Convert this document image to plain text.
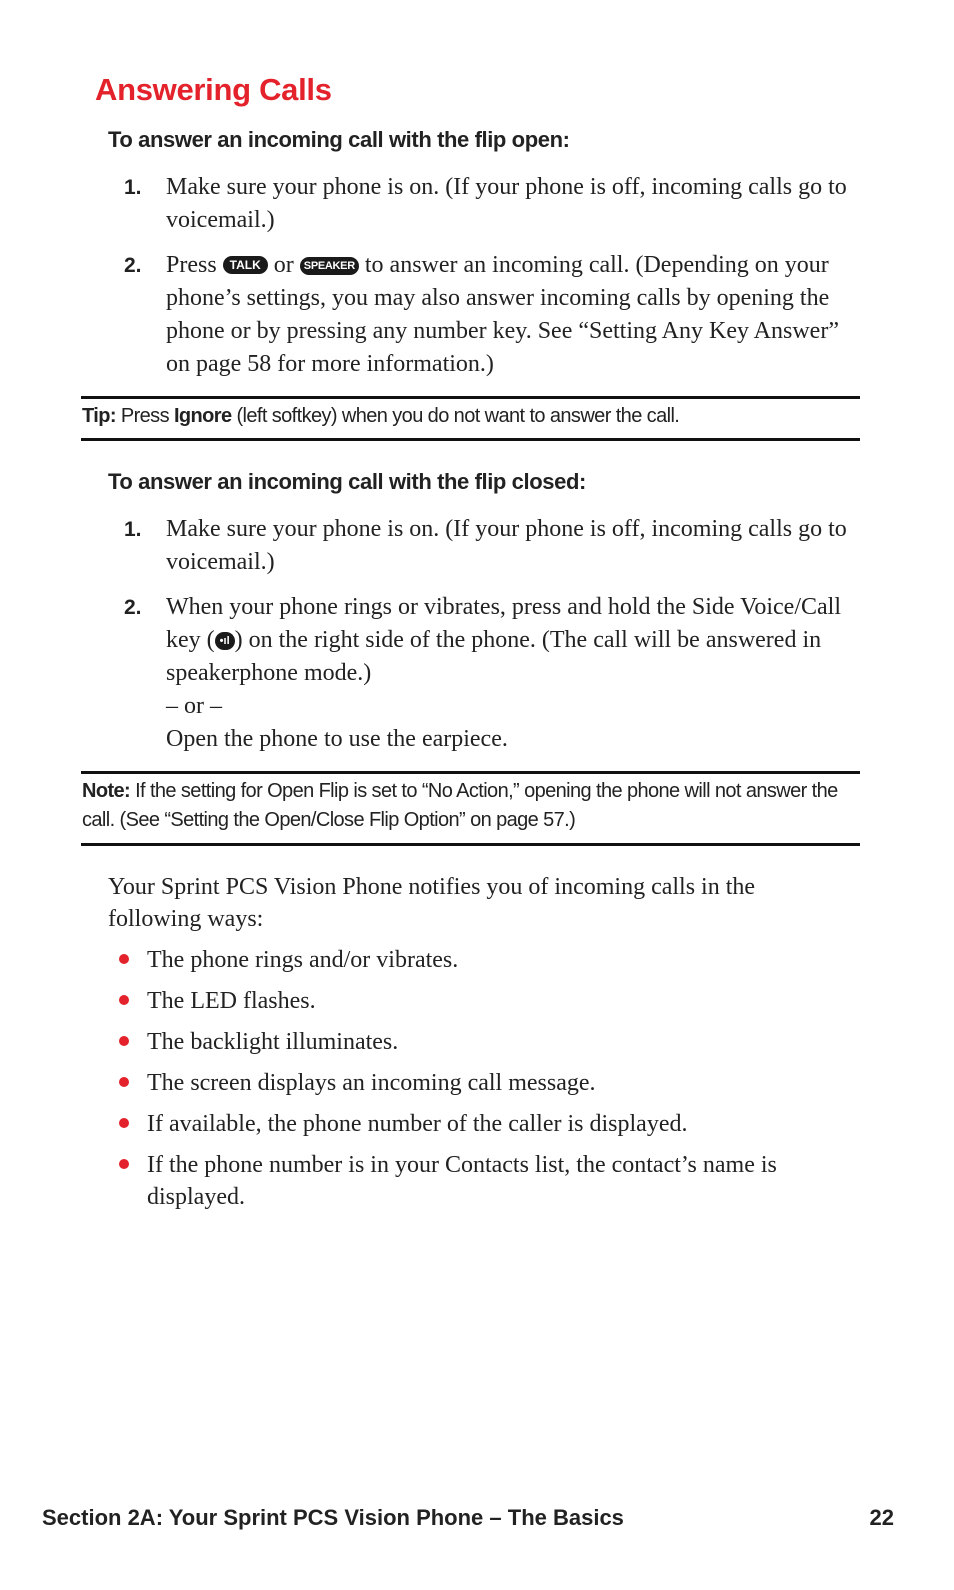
Answering Calls

To answer an incoming call with the flip open:

1. Make sure your phone is on. (If your phone is off, incoming calls go to voicemail.)
2. Press TALK or SPEAKER to answer an incoming call. (Depending on your phone’s settings, you may also answer incoming calls by opening the phone or by pressing any number key. See “Setting Any Key Answer” on page 58 for more information.)
Tip: Press Ignore (left softkey) when you do not want to answer the call.

To answer an incoming call with the flip closed:

1. Make sure your phone is on. (If your phone is off, incoming calls go to voicemail.)
2. When your phone rings or vibrates, press and hold the Side Voice/Call key ( •ıl ) on the right side of the phone. (The call will be answered in speakerphone mode.)
– or –
Open the phone to use the earpiece.
Note: If the setting for Open Flip is set to “No Action,” opening the phone will not answer the call. (See “Setting the Open/Close Flip Option” on page 57.)

Your Sprint PCS Vision Phone notifies you of incoming calls in the following ways:

The phone rings and/or vibrates.
The LED flashes.
The backlight illuminates.
The screen displays an incoming call message.
If available, the phone number of the caller is displayed.
If the phone number is in your Contacts list, the contact’s name is displayed.
Section 2A: Your Sprint PCS Vision Phone – The Basics	22
